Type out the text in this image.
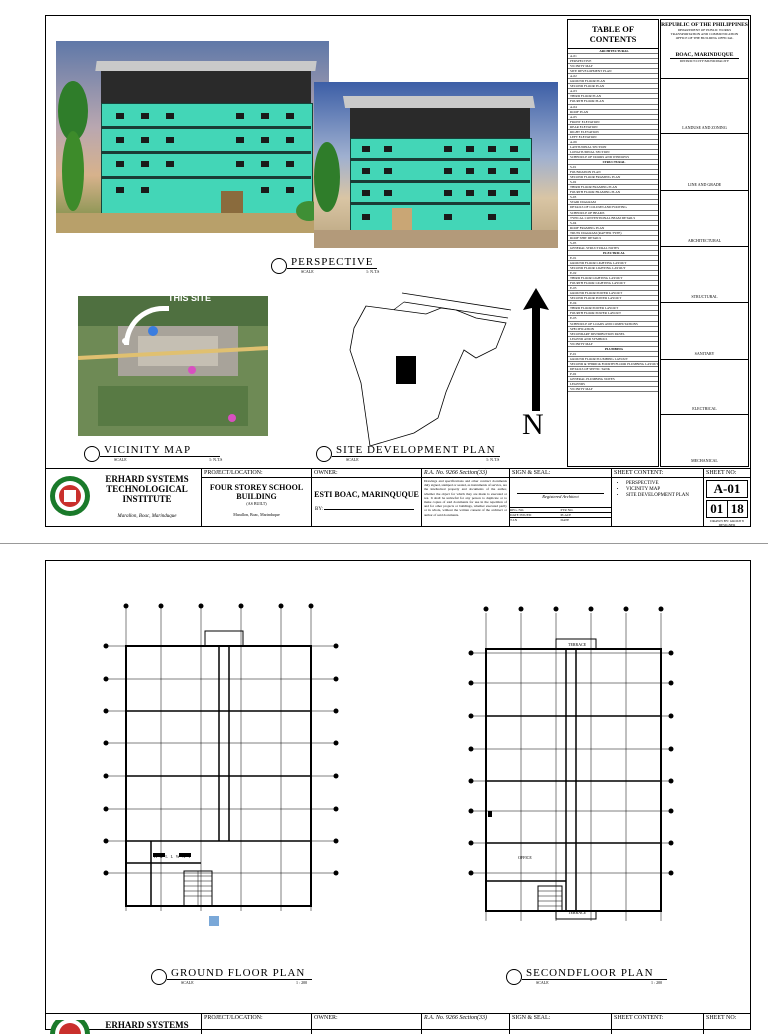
PERSPECTIVE
SCALE	1: N.T.S
THIS SITE
VICINITY MAP
SCALE	1: N.T.S
N
SITE DEVELOPMENT PLAN
SCALE	1: N.T.S
TABLE OF CONTENTS
ARCHITECTURAL
A-01
PERSPECTIVE
VICINITY MAP
SITE DEVELOPMENT PLAN
A-02
GROUND FLOOR PLAN
SECOND FLOOR PLAN
A-03
THIRD FLOOR PLAN
FOURTH FLOOR PLAN
A-04
ROOF PLAN
A-05
FRONT ELEVATION
REAR ELEVATION
RIGHT ELEVATION
LEFT ELEVATION
A-06
LATITUDINAL SECTION
LONGITUDINAL SECTION
SCHEDULE OF DOORS AND WINDOWS
STRUCTURAL
S-01
FOUNDATION PLAN
SECOND FLOOR FRAMING PLAN
S-02
THIRD FLOOR FRAMING PLAN
FOURTH FLOOR FRAMING PLAN
S-03
STAIR DIAGRAM
DETAILS OF COLUMN AND FOOTING
SCHEDULE OF BEAMS
TYPICAL CONVENTIONAL BEAM DETAILS
S-04
ROOF FRAMING PLAN
TRUSS DIAGRAM (RAFTER TYPE)
ROOF SHIT DETAILS
S-05
GENERAL STRUCTURAL NOTES
ELECTRICAL
E-01
GROUND FLOOR LIGHTING LAYOUT
SECOND FLOOR LIGHTING LAYOUT
E-02
THIRD FLOOR LIGHTING LAYOUT
FOURTH FLOOR LIGHTING LAYOUT
E-03
GROUND FLOOR POWER LAYOUT
SECOND FLOOR POWER LAYOUT
E-04
THIRD FLOOR POWER LAYOUT
FOURTH FLOOR POWER LAYOUT
E-05
SCHEDULE OF LOADS AND COMPUTATIONS
SPECIFICATION
SECONDARY DISTRIBUTION PANEL
LEGEND AND SYMBOLS
VICINITY MAP
PLUMBING
P-01
GROUND FLOOR PLUMBING LAYOUT
SECOND & THIRD & FOURTH FLOOR PLUMBING LAYOUT
DETAILS OF SEPTIC TANK
P-02
GENERAL PLUMBING NOTES
LEGENDS
VICINITY MAP
REPUBLIC OF THE PHILIPPINES
DEPARTMENT OF PUBLIC WORKS
TRANSPORTATION AND COMMUNICATION
OFFICE OF THE BUILDING OFFICIAL
BOAC, MARINDUQUE
DISTRICT/CITY/MUNICIPALITY
LANDUSE AND ZONING
LINE AND GRADE
ARCHITECTURAL
STRUCTURAL
SANITARY
ELECTRICAL
MECHANICAL
ERHARD SYSTEMS
TECHNOLOGICAL
INSTITUTE
Marallon, Boac, Marinduque
PROJECT/LOCATION:
FOUR STOREY SCHOOL
BUILDING
(AS BUILT)
Marallon, Boac, Marinduque
OWNER:
ESTI BOAC, MARINQUQUE
BY:
R.A. No. 9266 Section(33)
Drawings and specifications and other contract documents duly signed, stamped or sealed, as instruments of service, are the intellectual property and documents of the author, whether the object for which they are made is executed or not. It shall be unlawful for any person to duplicate or to make copies of said documents for use in the repetition of and for other projects or buildings, whether executed partly or in whole, without the written consent of the architect or author of said documents.
SIGN & SEAL:
Registered Architect
REG. NO.	PTR NO.
DATE ISSUED	PLACE
T.I.N	DATE
SHEET CONTENT:
• PERSPECTIVE
• VICINITY MAP
• SITE DEVELOPMENT PLAN
SHEET NO:
A-01
01 18
DRAWN BY: GROUP 8 DESIGNER
H A L L W A Y
GROUND FLOOR PLAN
SCALE	1 : 200
TERRACE
TERRACE
OFFICE
SECONDFLOOR PLAN
SCALE	1 : 200
ERHARD SYSTEMS
PROJECT/LOCATION:	OWNER:	R.A. No. 9266 Section(33)	SIGN & SEAL:	SHEET CONTENT:	SHEET NO:
